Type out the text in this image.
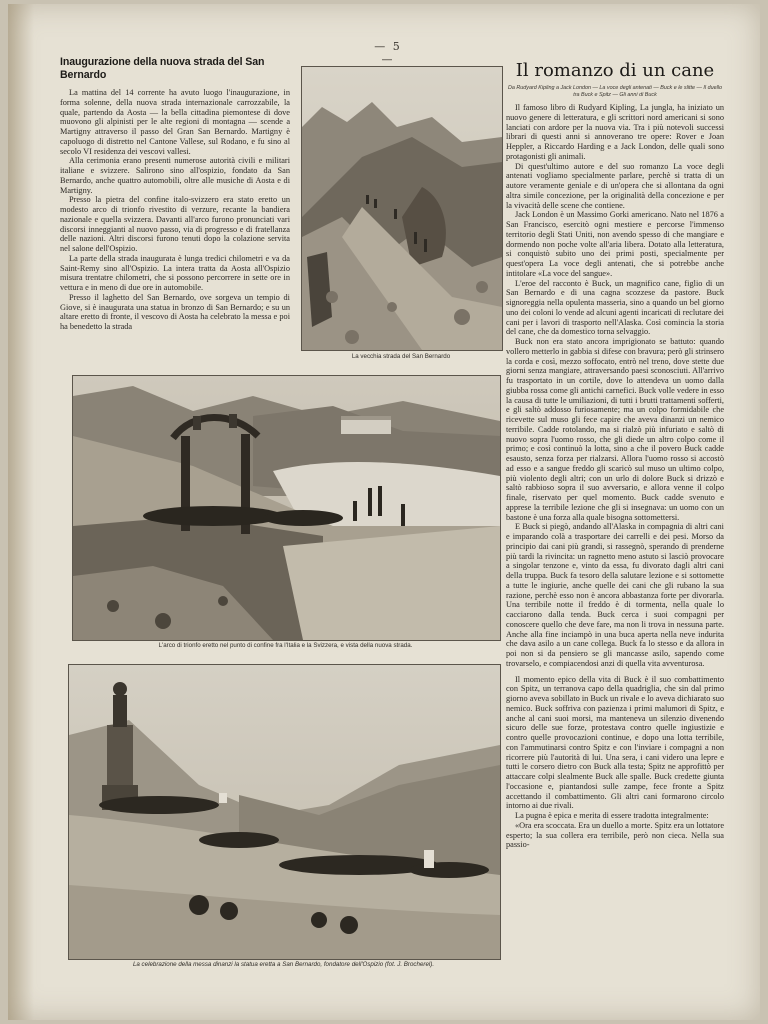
— 5 —
Inaugurazione della nuova strada del San Bernardo

La mattina del 14 corrente ha avuto luogo l'inaugurazione, in forma solenne, della nuova strada internazionale carrozzabile, la quale, partendo da Aosta — la bella cittadina piemontese di dove muovono gli alpinisti per le alte regioni di montagna — scende a Martigny attraverso il passo del Gran San Bernardo. Martigny è capoluogo di distretto nel Cantone Vallese, sul Rodano, e fu sino al secolo VI residenza dei vescovi vallesi.

Alla cerimonia erano presenti numerose autorità civili e militari italiane e svizzere. Salirono sino all'ospizio, fondato da San Bernardo, anche quattro automobili, oltre alle musiche di Aosta e di Martigny.

Presso la pietra del confine italo-svizzero era stato eretto un modesto arco di trionfo rivestito di verzure, recante la bandiera nazionale e quella svizzera. Davanti all'arco furono pronunciati vari discorsi inneggianti al nuovo passo, via di progresso e di fratellanza delle nazioni. Altri discorsi furono tenuti dopo la colazione servita nel salone dell'Ospizio.

La parte della strada inaugurata è lunga tredici chilometri e va da Saint-Remy sino all'Ospizio. La intera tratta da Aosta all'Ospizio misura trentatre chilometri, che si possono percorrere in sette ore in vettura e in meno di due ore in automobile.

Presso il laghetto del San Bernardo, ove sorgeva un tempio di Giove, si è inaugurata una statua in bronzo di San Bernardo; e su un altare eretto di fronte, il vescovo di Aosta ha celebrato la messa e poi ha benedetto la strada

La vecchia strada del San Bernardo
L'arco di trionfo eretto nel punto di confine fra l'Italia e la Svizzera, e vista della nuova strada.
La celebrazione della messa dinanzi la statua eretta a San Bernardo, fondatore dell'Ospizio (fot. J. Brocherel).
Il romanzo di un cane
Da Rudyard Kipling a Jack London — La voce degli antenati — Buck e le slitte — Il duello tra Buck e Spitz — Gli anni di Buck

Il famoso libro di Rudyard Kipling, La jungla, ha iniziato un nuovo genere di letteratura, e gli scrittori nord americani si sono lanciati con ardore per la nuova via. Tra i più notevoli successi librari di questi anni si annoverano tre opere: Rover e Joan Heppler, a Riccardo Harding e a Jack London, delle quali sono protagonisti gli animali.

Di quest'ultimo autore e del suo romanzo La voce degli antenati vogliamo specialmente parlare, perchè si tratta di un autore veramente geniale e di un'opera che si allontana da ogni altra simile concezione, per la originalità della concezione e per la vivacità delle scene che contiene.

Jack London è un Massimo Gorki americano. Nato nel 1876 a San Francisco, esercitò ogni mestiere e percorse l'immenso territorio degli Stati Uniti, non avendo spesso di che mangiare e dormendo non poche volte all'aria libera. Dotato alla letteratura, si conquistò subito uno dei primi posti, specialmente per quest'opera La voce degli antenati, che si potrebbe anche intitolare «La voce del sangue».

L'eroe del racconto è Buck, un magnifico cane, figlio di un San Bernardo e di una cagna scozzese da pastore. Buck signoreggia nella opulenta masseria, sino a quando un bel giorno uno dei coloni lo vende ad alcuni agenti incaricati di reclutare dei cani per i lavori di trasporto nell'Alaska. Così comincia la storia del cane, che da domestico torna selvaggio.

Buck non era stato ancora imprigionato se battuto: quando vollero metterlo in gabbia si difese con bravura; però gli strinsero la corda e così, mezzo soffocato, entrò nel treno, dove stette due giorni senza mangiare, attraversando paesi sconosciuti. All'arrivo fu trasportato in un cortile, dove lo attendeva un uomo dalla giubba rossa come gli antichi carnefici. Buck volle vedere in esso la causa di tutte le umiliazioni, di tutti i brutti trattamenti sofferti, e gli saltò addosso furiosamente; ma un colpo formidabile che ricevette sul muso gli fece capire che aveva dinanzi un nemico terribile. Cadde rotolando, ma si rialzò più infuriato e saltò di nuovo sopra l'uomo rosso, che gli diede un altro colpo come il primo; e così continuò la lotta, sino a che il povero Buck cadde esausto, senza forza per rialzarsi. Allora l'uomo rosso si accostò ad esso e a sangue freddo gli scaricò sul muso un ultimo colpo, più violento degli altri; con un urlo di dolore Buck si drizzò e saltò rabbioso sopra il suo avversario, e allora venne il colpo finale, riservato per quel momento. Buck cadde svenuto e apprese la terribile lezione che gli si insegnava: un uomo con un bastone è una forza alla quale bisogna sottomettersi.

E Buck si piegò, andando all'Alaska in compagnia di altri cani e imparando colà a trasportare dei carrelli e dei pesi. Morso da principio dai cani più grandi, si rassegnò, sperando di prenderne più tardi la rivincita: un ragnetto meno astuto si lasciò provocare a singolar tenzone e, vinto da essa, fu divorato dagli altri cani della truppa. Buck fa tesoro della salutare lezione e si sottomette a tutte le ingiurie, anche quelle dei cani che gli rubano la sua razione, perchè esso non è ancora abbastanza forte per divorarla. Una terribile notte il freddo è di tormenta, nella quale lo cacciarono dalla tenda. Buck cerca i suoi compagni per conoscere quello che deve fare, ma non li trova in nessuna parte. Anche alla fine inciampò in una buca aperta nella neve indurita che dava asilo a un cane collega. Buck fa lo stesso e da allora in poi non si da pensiero se gli mancasse asilo, sapendo come trovarselo, e compiacendosi anzi di quella vita avventurosa.

Il momento epico della vita di Buck è il suo combattimento con Spitz, un terranova capo della quadriglia, che sin dal primo giorno aveva sobillato in Buck un rivale e lo aveva dichiarato suo nemico. Buck soffriva con pazienza i primi malumori di Spitz, e anche al cani suoi morsi, ma manteneva un silenzio divenendo sicuro delle sue forze, protestava contro quelle ingiustizie e contro quelle provocazioni continue, e dopo una lotta terribile, con l'ammutinarsi contro Spitz e con l'inviare i compagni a non ricorrere più l'autorità di lui. Una sera, i cani videro una lepre e tutti le corsero dietro con Buck alla testa; Spitz ne approfittò per attaccare colpi slealmente Buck alle spalle. Buck credette giunta l'occasione e, piantandosi sulle zampe, fece fronte a Spitz accettando il combattimento. Gli altri cani formarono circolo intorno ai due rivali.

La pugna è epica e merita di essere tradotta integralmente:

«Ora era scoccata. Era un duello a morte. Spitz era un lottatore esperto; la sua collera era terribile, però non cieca. Nella sua passio-
